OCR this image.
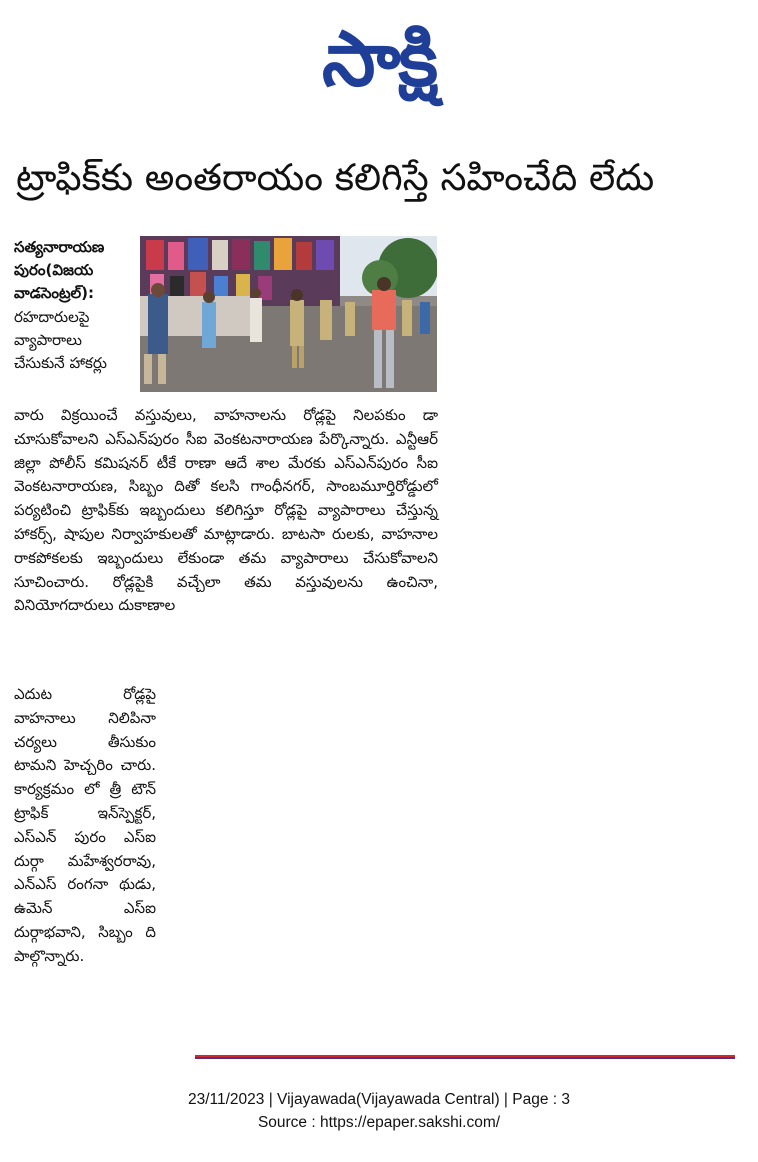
సాక్షి
ట్రాఫిక్‌కు అంతరాయం కలిగిస్తే సహించేది లేదు
సత్యనారాయణ పురం(విజయ వాడసెంట్రల్‌):
రహదారులపై వ్యాపారాలు చేసుకునే హాకర్లు

వారు విక్రయించే వస్తువులు, వాహనాలను రోడ్లపై నిలపకుం డా చూసుకోవాలని ఎస్‌ఎన్‌పురం సీఐ వెంకటనారాయణ పేర్కొన్నారు. ఎన్టీఆర్‌ జిల్లా పోలీస్‌ కమిషనర్‌ టీకే రాణా ఆదే శాల మేరకు ఎస్‌ఎన్‌పురం సీఐ వెంకటనారాయణ, సిబ్బం దితో కలసి గాంధీనగర్‌, సాంబమూర్తిరోడ్డులో పర్యటించి ట్రాఫిక్‌కు ఇబ్బందులు కలిగిస్తూ రోడ్లపై వ్యాపారాలు చేస్తున్న హాకర్స్‌, షాపుల నిర్వాహకులతో మాట్లాడారు. బాటసా రులకు, వాహనాల రాకపోకలకు ఇబ్బందులు లేకుండా తమ వ్యాపారాలు చేసుకోవాలని సూచించారు. రోడ్లపైకి వచ్చేలా తమ వస్తువులను ఉంచినా, వినియోగదారులు దుకాణాల

ఎదుట రోడ్లపై వాహనాలు నిలిపినా చర్యలు తీసుకుం టామని హెచ్చరిం చారు. కార్యక్రమం లో త్రీ టౌన్‌ ట్రాఫిక్‌ ఇన్‌స్పెక్టర్‌, ఎస్‌ఎన్‌ పురం ఎస్‌ఐ దుర్గా మహేశ్వరరావు, ఎన్‌ఎస్‌ రంగనా థుడు, ఉమెన్‌ ఎస్‌ఐ దుర్గాభవాని, సిబ్బం ది పాల్గొన్నారు.

23/11/2023 | Vijayawada(Vijayawada Central) | Page : 3
Source : https://epaper.sakshi.com/
